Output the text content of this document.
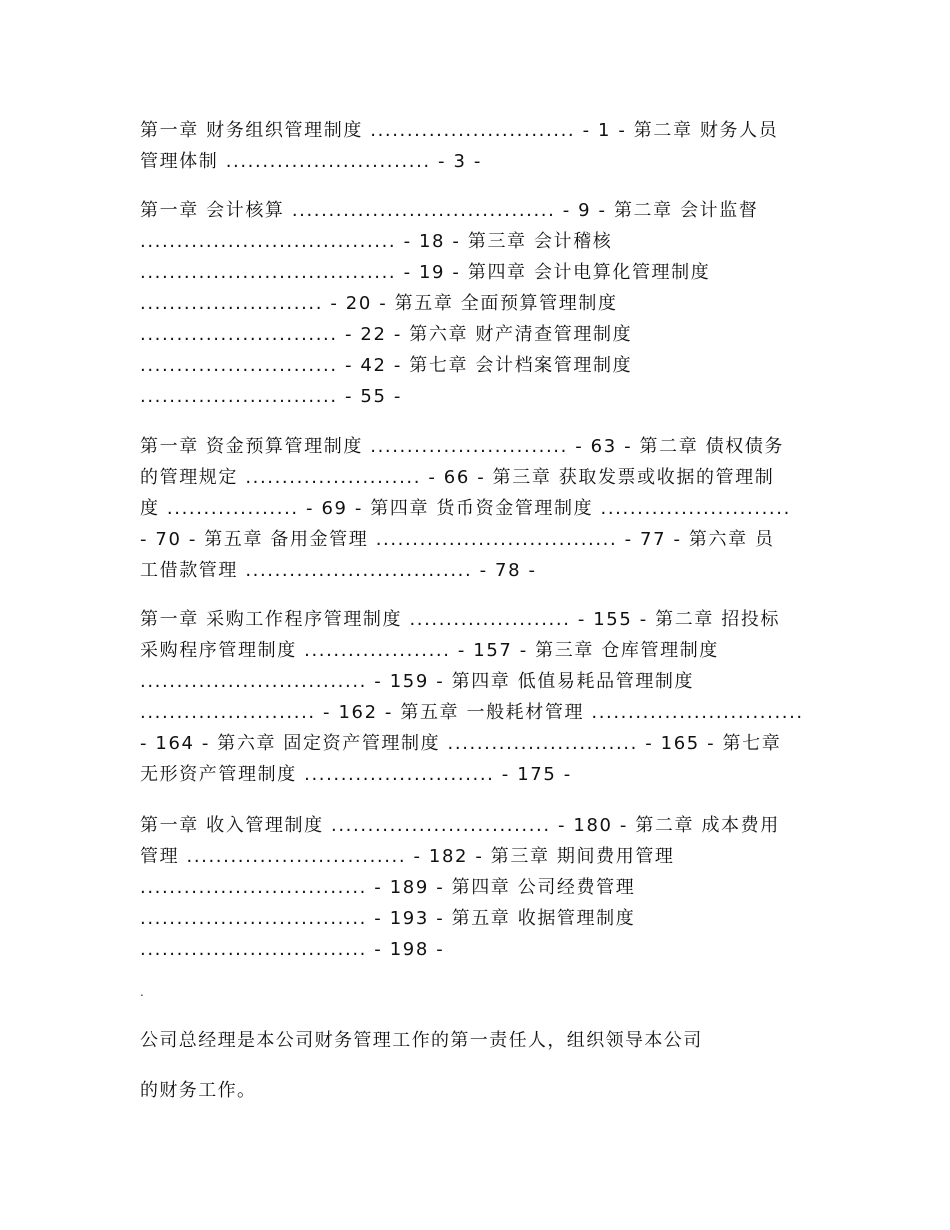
第一章 财务组织管理制度 ............................ - 1 - 第二章 财务人员
管理体制 ............................ - 3 -
第一章 会计核算 .................................... - 9 - 第二章 会计监督
................................... - 18 - 第三章 会计稽核
................................... - 19 - 第四章 会计电算化管理制度
......................... - 20 - 第五章 全面预算管理制度
........................... - 22 - 第六章 财产清查管理制度
........................... - 42 - 第七章 会计档案管理制度
........................... - 55 -
第一章 资金预算管理制度 ........................... - 63 - 第二章 债权债务
的管理规定 ........................ - 66 - 第三章 获取发票或收据的管理制
度 .................. - 69 - 第四章 货币资金管理制度 ..........................
- 70 - 第五章 备用金管理 ................................. - 77 - 第六章 员
工借款管理 ............................... - 78 -
第一章 采购工作程序管理制度 ...................... - 155 - 第二章 招投标
采购程序管理制度 .................... - 157 - 第三章 仓库管理制度
............................... - 159 - 第四章 低值易耗品管理制度
........................ - 162 - 第五章 一般耗材管理 .............................
- 164 - 第六章 固定资产管理制度 .......................... - 165 - 第七章
无形资产管理制度 .......................... - 175 -
第一章 收入管理制度 .............................. - 180 - 第二章 成本费用
管理 .............................. - 182 - 第三章 期间费用管理
............................... - 189 - 第四章 公司经费管理
............................... - 193 - 第五章 收据管理制度
............................... - 198 -
.
公司总经理是本公司财务管理工作的第一责任人，组织领导本公司
的财务工作。
